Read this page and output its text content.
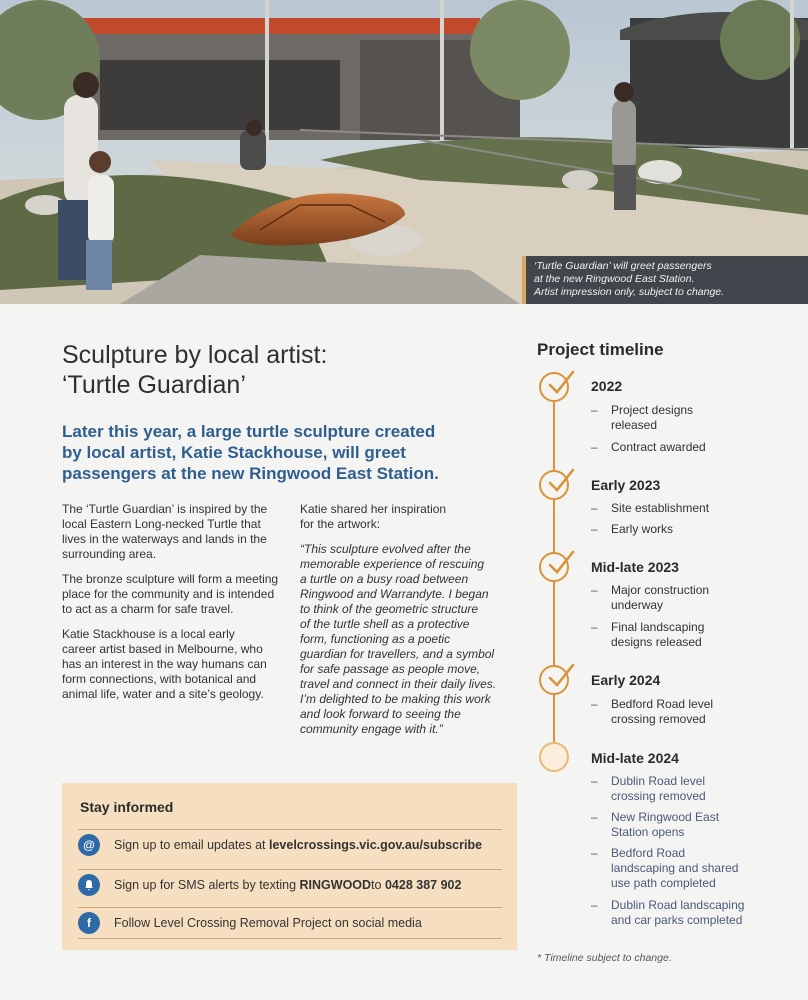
‘Turtle Guardian’ will greet passengers
at the new Ringwood East Station.
Artist impression only, subject to change.
Sculpture by local artist:
‘Turtle Guardian’
Later this year, a large turtle sculpture created
by local artist, Katie Stackhouse, will greet
passengers at the new Ringwood East Station.

The ‘Turtle Guardian’ is inspired by the
local Eastern Long-necked Turtle that
lives in the waterways and lands in the
surrounding area.

The bronze sculpture will form a meeting
place for the community and is intended
to act as a charm for safe travel.

Katie Stackhouse is a local early
career artist based in Melbourne, who
has an interest in the way humans can
form connections, with botanical and
animal life, water and a site’s geology.

Katie shared her inspiration
for the artwork:

“This sculpture evolved after the
memorable experience of rescuing
a turtle on a busy road between
Ringwood and Warrandyte. I began
to think of the geometric structure
of the turtle shell as a protective
form, functioning as a poetic
guardian for travellers, and a symbol
for safe passage as people move,
travel and connect in their daily lives.
I’m delighted to be making this work
and look forward to seeing the
community engage with it.”

Stay informed
@	Sign up to email updates at
levelcrossings.vic.gov.au/subscribe
Sign up for SMS alerts by texting
RINGWOOD to
0428 387 902
f	Follow Level Crossing Removal Project on social media
Project timeline
2022
– Project designs
released
– Contract awarded
Early 2023
– Site establishment
– Early works
Mid-late 2023
– Major construction
underway
– Final landscaping
designs released
Early 2024
– Bedford Road level
crossing removed
Mid-late 2024
– Dublin Road level
crossing removed
– New Ringwood East
Station opens
– Bedford Road
landscaping and shared
use path completed
– Dublin Road landscaping
and car parks completed
* Timeline subject to change.
